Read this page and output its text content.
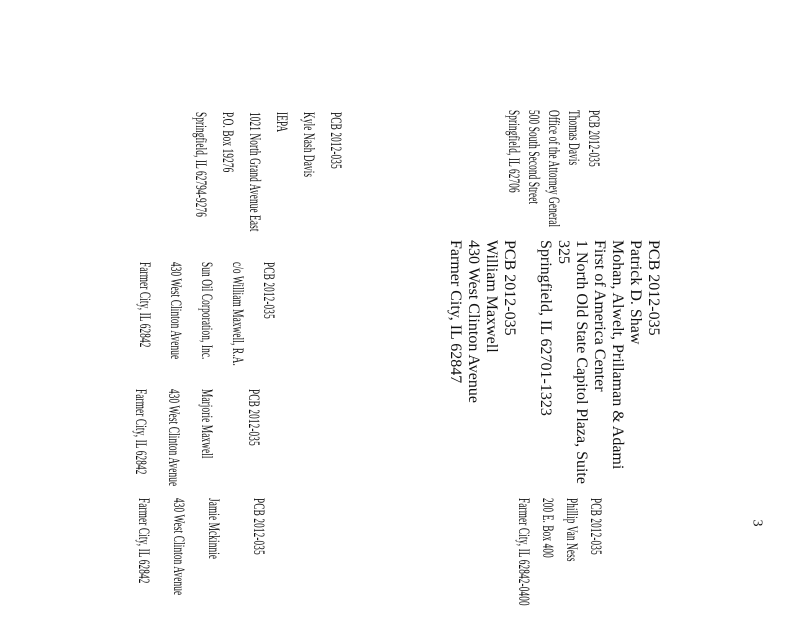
3
PCB 2012-035
Patrick D. Shaw
Mohan, Alwelt, Prillaman & Adami
First of America Center
1 North Old State Capitol Plaza, Suite
325
Springfield, IL 62701-1323
PCB 2012-035
William Maxwell
430 West Clinton Avenue
Farmer City, IL 62847
PCB 2012-035
Thomas Davis
Office of the Attorney General
500 South Second Street
Springfield, IL 62706
PCB 2012-035
Kyle Nash Davis
IEPA
1021 North Grand Avenue East
P.O. Box 19276
Springfield, IL 62794-9276
PCB 2012-035
c/o William Maxwell, R.A.
Sun Oil Corporation, Inc.
430 West Clinton Avenue
Farmer City, IL 62842
PCB 2012-035
Marjorie Maxwell
430 West Clinton Avenue
Farmer City, IL 62842
PCB 2012-035
Phillip Van Ness
200 E. Box 400
Farmer City, IL 62842-0400
PCB 2012-035
Jamie Mckinnie
430 West Clinton Avenue
Farmer City, IL 62842
